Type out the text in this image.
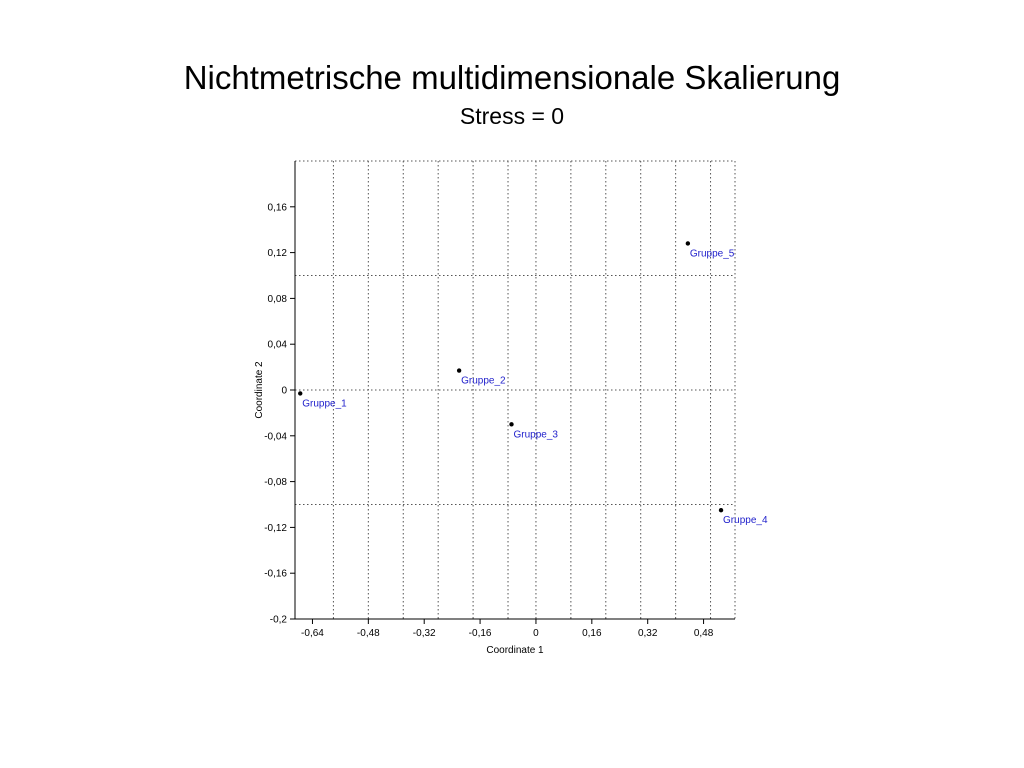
Nichtmetrische multidimensionale Skalierung
Stress = 0
-0,2
-0,16
-0,12
-0,08
-0,04
0
0,04
0,08
0,12
0,16
-0,64	-0,48	-0,32	-0,16	0	0,16	0,32	0,48
Gruppe_1
Gruppe_2
Gruppe_3
Gruppe_4
Gruppe_5
Coordinate 1
Coordinate 2
